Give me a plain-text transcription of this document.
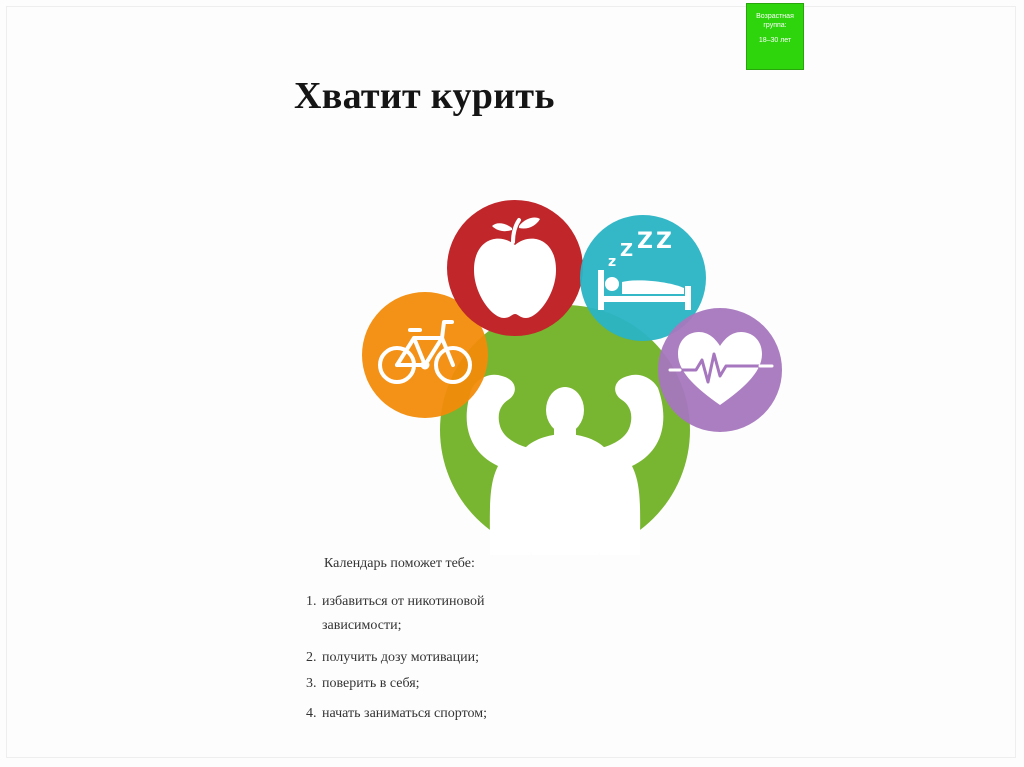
Возрастная
группа:
18–30 лет
Хватит курить
z
Z Z Z
Календарь поможет тебе:
1. избавиться от никотиновой
зависимости;
2. получить дозу мотивации;
3. поверить в себя;
4. начать заниматься спортом;
